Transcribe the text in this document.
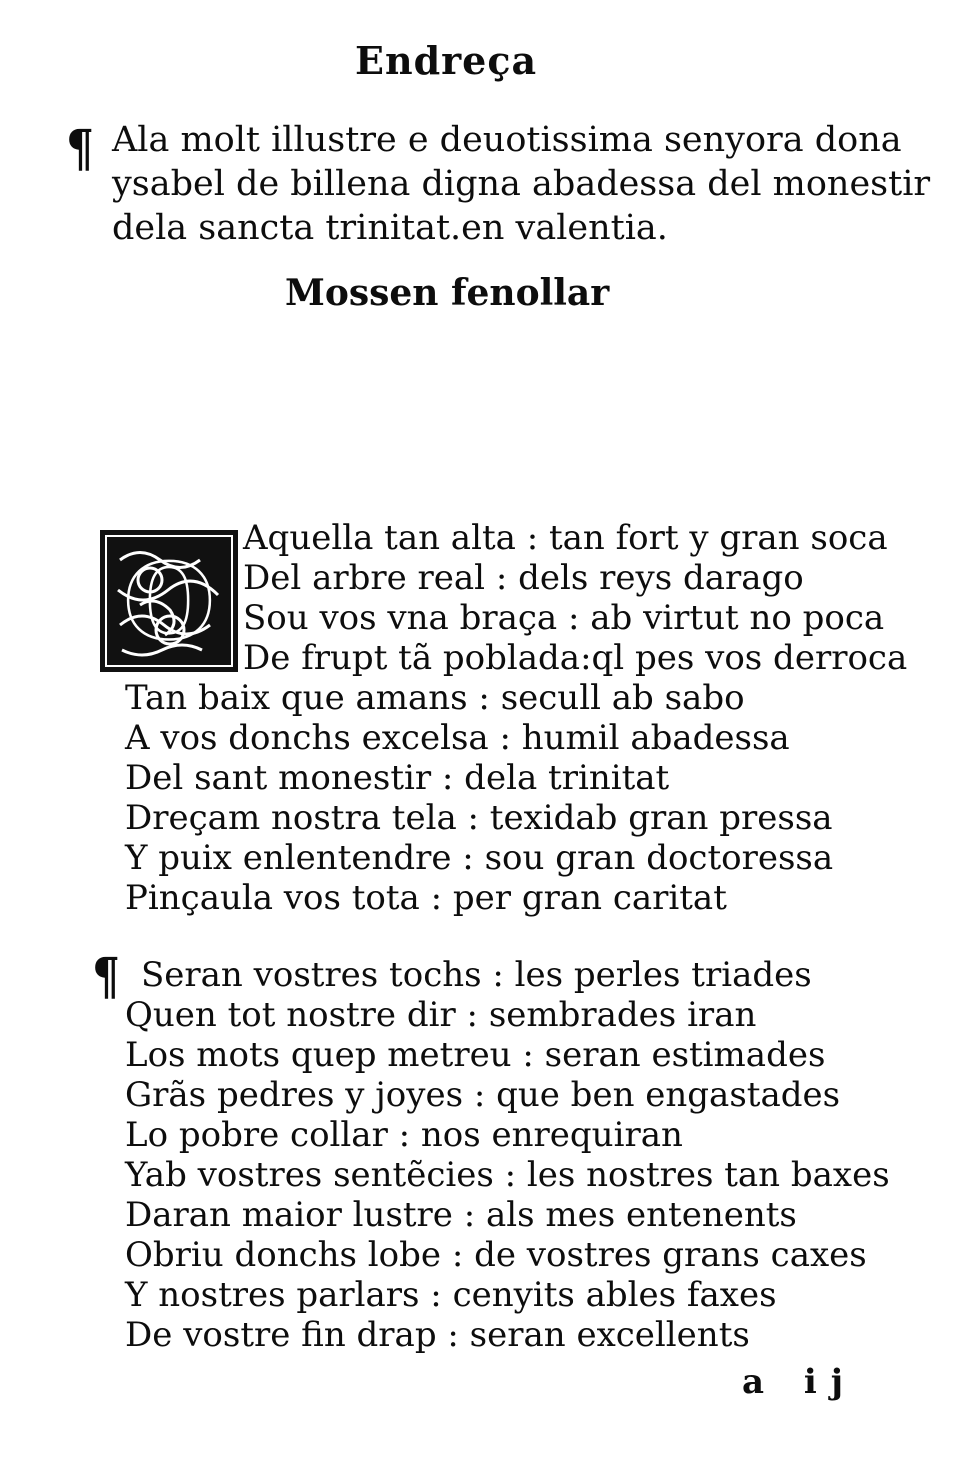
Endreça
¶ Ala molt illustre e deuotissima senyora dona
ysabel de billena digna abadessa del monestir
dela sancta trinitat.en valentia.
Mossen fenollar
O
Aquella tan alta : tan fort y gran soca
Del arbre real : dels reys darago
Sou vos vna braça : ab virtut no poca
De frupt tã poblada:ql pes vos derroca
Tan baix que amans : secull ab sabo
A vos donchs excelsa : humil abadessa
Del sant monestir : dela trinitat
Dreçam nostra tela : texidab gran pressa
Y puix enlentendre : sou gran doctoressa
Pinçaula vos tota : per gran caritat
¶ Seran vostres tochs : les perles triades
Quen tot nostre dir : sembrades iran
Los mots quep metreu : seran estimades
Grãs pedres y joyes : que ben engastades
Lo pobre collar : nos enrequiran
Yab vostres sentẽcies : les nostres tan baxes
Daran maior lustre : als mes entenents
Obriu donchs lobe : de vostres grans caxes
Y nostres parlars : cenyits ables faxes
De vostre fin drap : seran excellents
a ij
